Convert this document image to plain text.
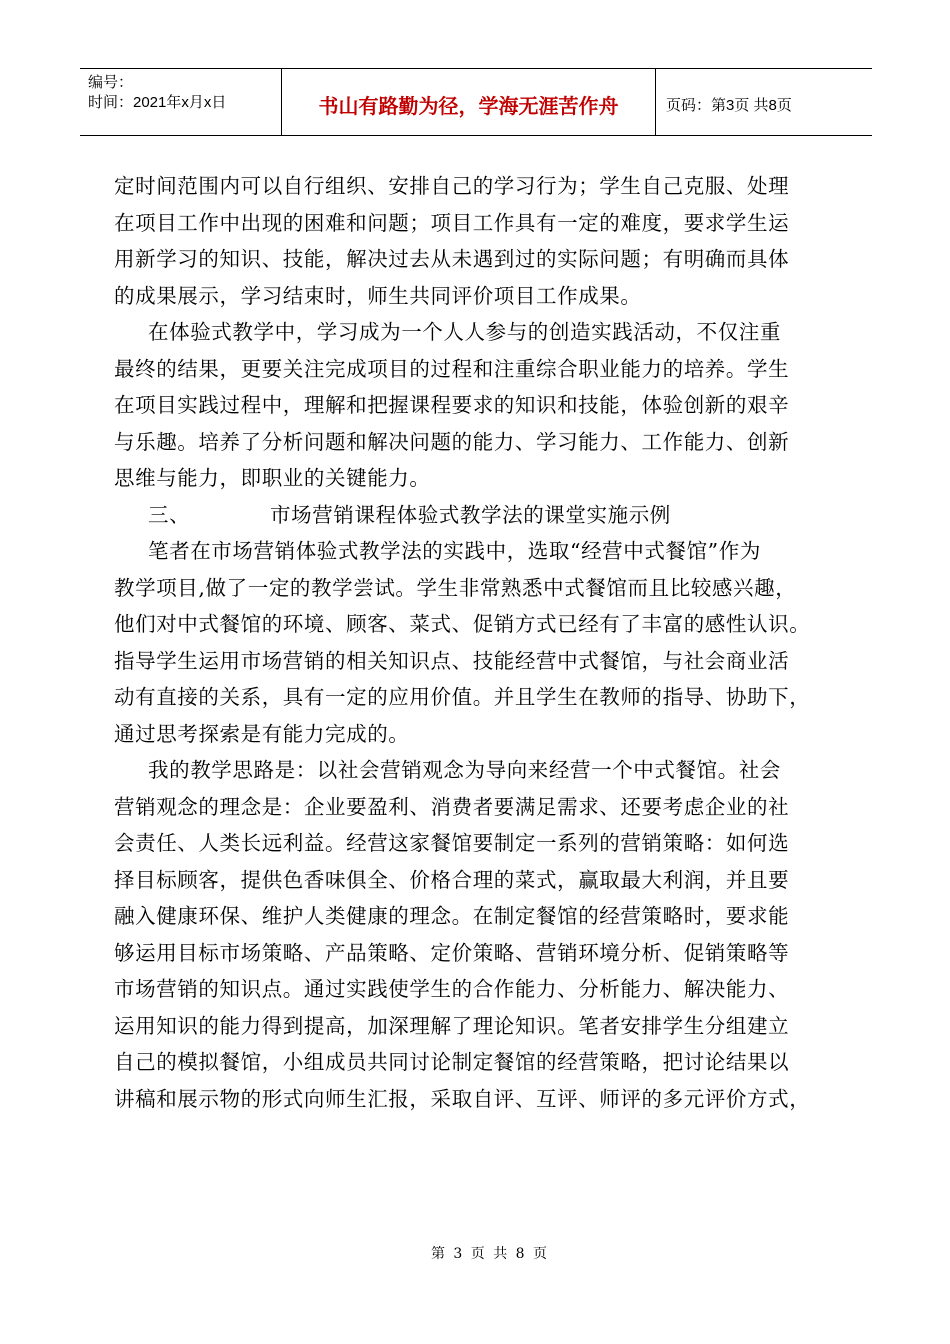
编号：
时间：2021年x月x日	书山有路勤为径，学海无涯苦作舟	页码：第3页 共8页
定时间范围内可以自行组织、安排自己的学习行为；学生自己克服、处理
在项目工作中出现的困难和问题；项目工作具有一定的难度，要求学生运
用新学习的知识、技能，解决过去从未遇到过的实际问题；有明确而具体
的成果展示，学习结束时，师生共同评价项目工作成果。
在体验式教学中，学习成为一个人人参与的创造实践活动，不仅注重
最终的结果，更要关注完成项目的过程和注重综合职业能力的培养。学生
在项目实践过程中，理解和把握课程要求的知识和技能，体验创新的艰辛
与乐趣。培养了分析问题和解决问题的能力、学习能力、工作能力、创新
思维与能力，即职业的关键能力。
三、	市场营销课程体验式教学法的课堂实施示例
笔者在市场营销体验式教学法的实践中，选取“经营中式餐馆”作为
教学项目,做了一定的教学尝试。学生非常熟悉中式餐馆而且比较感兴趣，
他们对中式餐馆的环境、顾客、菜式、促销方式已经有了丰富的感性认识。
指导学生运用市场营销的相关知识点、技能经营中式餐馆，与社会商业活
动有直接的关系，具有一定的应用价值。并且学生在教师的指导、协助下，
通过思考探索是有能力完成的。
我的教学思路是：以社会营销观念为导向来经营一个中式餐馆。社会
营销观念的理念是：企业要盈利、消费者要满足需求、还要考虑企业的社
会责任、人类长远利益。经营这家餐馆要制定一系列的营销策略：如何选
择目标顾客，提供色香味俱全、价格合理的菜式，赢取最大利润，并且要
融入健康环保、维护人类健康的理念。在制定餐馆的经营策略时，要求能
够运用目标市场策略、产品策略、定价策略、营销环境分析、促销策略等
市场营销的知识点。通过实践使学生的合作能力、分析能力、解决能力、
运用知识的能力得到提高，加深理解了理论知识。笔者安排学生分组建立
自己的模拟餐馆，小组成员共同讨论制定餐馆的经营策略，把讨论结果以
讲稿和展示物的形式向师生汇报，采取自评、互评、师评的多元评价方式，
第 3 页 共 8 页
